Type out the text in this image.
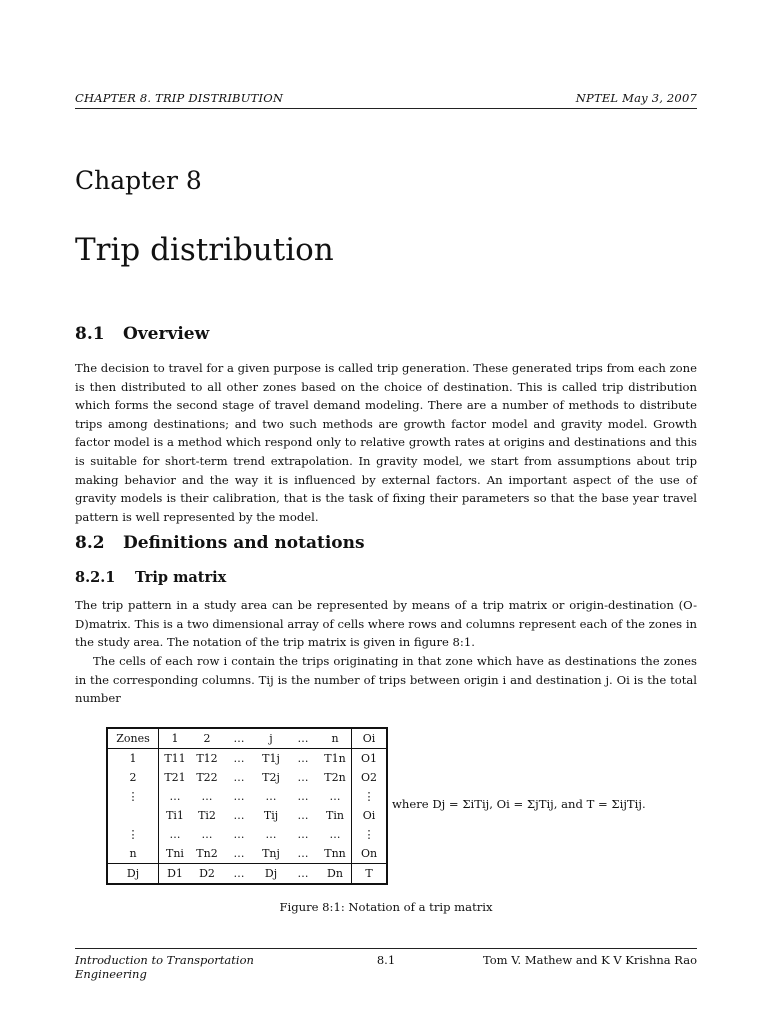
CHAPTER 8. TRIP DISTRIBUTION	NPTEL May 3, 2007
Chapter 8
Trip distribution
8.1 Overview

The decision to travel for a given purpose is called trip generation. These generated trips from each zone is then distributed to all other zones based on the choice of destination. This is called trip distribution which forms the second stage of travel demand modeling. There are a number of methods to distribute trips among destinations; and two such methods are growth factor model and gravity model. Growth factor model is a method which respond only to relative growth rates at origins and destinations and this is suitable for short-term trend extrapolation. In gravity model, we start from assumptions about trip making behavior and the way it is influenced by external factors. An important aspect of the use of gravity models is their calibration, that is the task of fixing their parameters so that the base year travel pattern is well represented by the model.

8.2 Definitions and notations
8.2.1 Trip matrix

The trip pattern in a study area can be represented by means of a trip matrix or origin-destination (O-D)matrix. This is a two dimensional array of cells where rows and columns represent each of the zones in the study area. The notation of the trip matrix is given in figure 8:1.

The cells of each row i contain the trips originating in that zone which have as destinations the zones in the corresponding columns. Tij is the number of trips between origin i and destination j. Oi is the total number

Zones	1	2	…	j	…	n	Oi
1	T11	T12	…	T1j	…	T1n	O1
2	T21	T22	…	T2j	…	T2n	O2
⋮	…	…	…	…	…	…	⋮
	Ti1	Ti2	…	Tij	…	Tin	Oi
⋮	…	…	…	…	…	…	⋮
n	Tni	Tn2	…	Tnj	…	Tnn	On
Dj	D1	D2	…	Dj	…	Dn	T
where Dj = ΣiTij, Oi = ΣjTij, and T = ΣijTij.
Figure 8:1: Notation of a trip matrix
Introduction to Transportation Engineering
8.1	Tom V. Mathew and K V Krishna Rao
